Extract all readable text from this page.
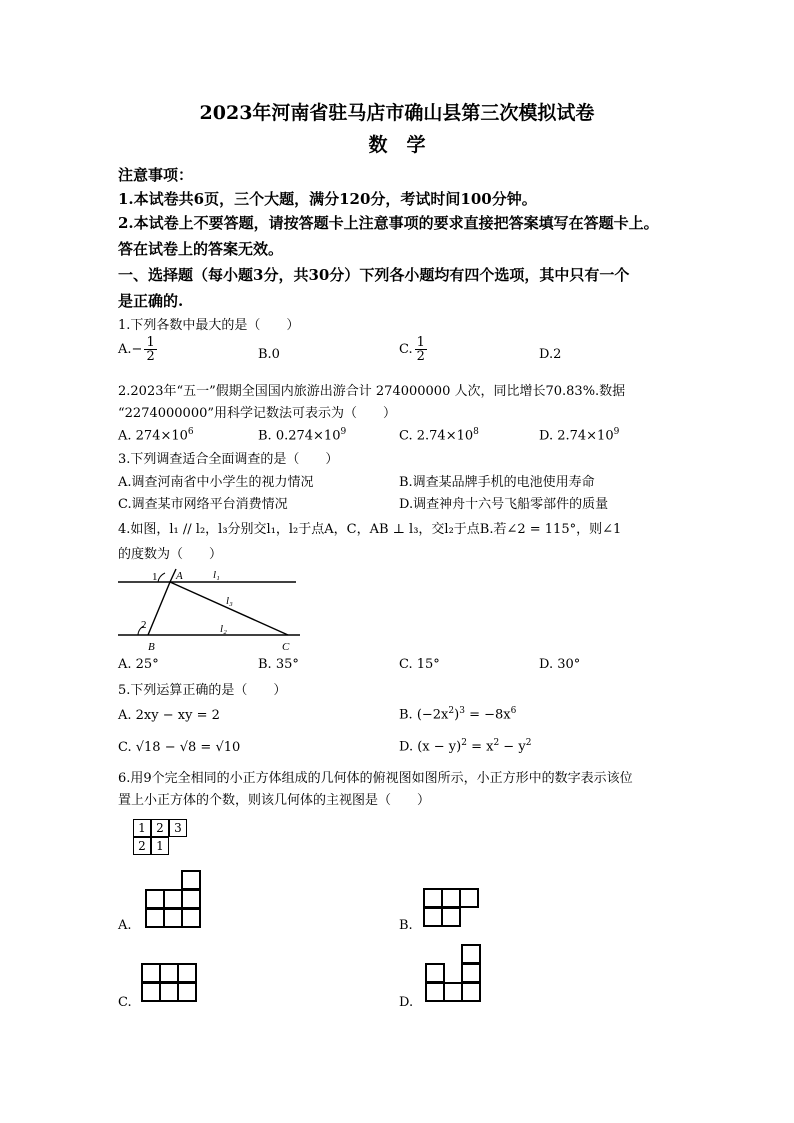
2023年河南省驻马店市确山县第三次模拟试卷
数　学
注意事项：
1.本试卷共6页，三个大题，满分120分，考试时间100分钟。
2.本试卷上不要答题，请按答题卡上注意事项的要求直接把答案填写在答题卡上。
答在试卷上的答案无效。
一、选择题（每小题3分，共30分）下列各小题均有四个选项，其中只有一个
是正确的.
1.下列各数中最大的是（　　）
A. − $\frac{1}{2}$	B.0	C. $\frac{1}{2}$	D.2
2.2023年“五一”假期全国国内旅游出游合计 274000000 人次，同比增长70.83%.数据
“2274000000”用科学记数法可表示为（　　）
A. $274\times 10^6$	B. $0.274\times 10^9$	C. $2.74\times 10^8$	D. $2.74\times 10^9$
3.下列调查适合全面调查的是（　　）
A.调查河南省中小学生的视力情况	B.调查某品牌手机的电池使用寿命
C.调查某市网络平台消费情况	D.调查神舟十六号飞船零部件的质量
4.如图，l₁ // l₂，l₃分别交l₁，l₂于点A，C，AB ⊥ l₃，交l₂于点B.若∠2 = 115°，则∠1
的度数为（　　）
1 A	l₁
l₃
2	l₂
B	C
A. 25°	B. 35°	C. 15°	D. 30°
5.下列运算正确的是（　　）
A. 2xy − xy = 2	B. $(-2x^2)^3 = -8x^6$
C. √18 − √8 = √10	D. $(x - y)^2 = x^2 - y^2$
6.用9个完全相同的小正方体组成的几何体的俯视图如图所示，小正方形中的数字表示该位
置上小正方体的个数，则该几何体的主视图是（　　）
1 2 3
2 1
A.	B.
C.	D.
